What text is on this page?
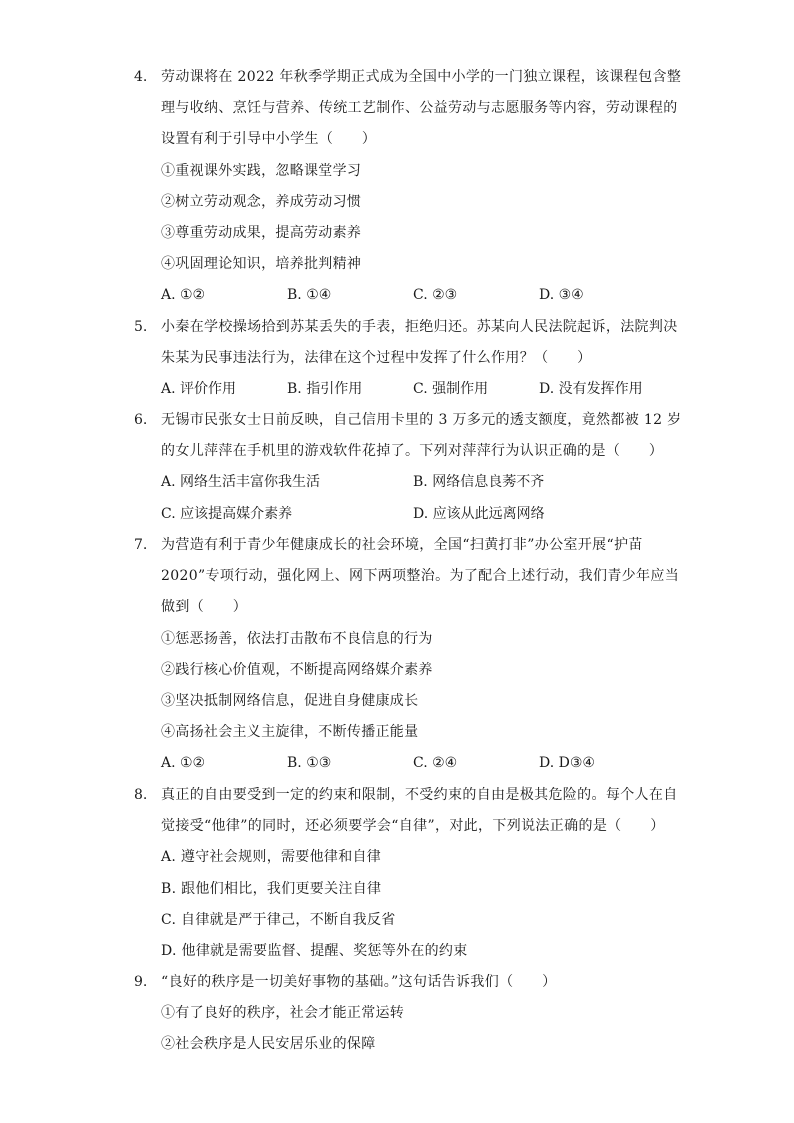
4. 劳动课将在 2022 年秋季学期正式成为全国中小学的一门独立课程，该课程包含整
理与收纳、烹饪与营养、传统工艺制作、公益劳动与志愿服务等内容，劳动课程的
设置有利于引导中小学生（　　）
①重视课外实践，忽略课堂学习
②树立劳动观念，养成劳动习惯
③尊重劳动成果，提高劳动素养
④巩固理论知识，培养批判精神
A. ①②	B. ①④	C. ②③	D. ③④
5. 小秦在学校操场拾到苏某丢失的手表，拒绝归还。苏某向人民法院起诉，法院判决
朱某为民事违法行为，法律在这个过程中发挥了什么作用？（　　）
A. 评价作用	B. 指引作用	C. 强制作用	D. 没有发挥作用
6. 无锡市民张女士日前反映，自己信用卡里的 3 万多元的透支额度，竟然都被 12 岁
的女儿萍萍在手机里的游戏软件花掉了。下列对萍萍行为认识正确的是（　　）
A. 网络生活丰富你我生活	B. 网络信息良莠不齐
C. 应该提高媒介素养	D. 应该从此远离网络
7. 为营造有利于青少年健康成长的社会环境，全国“扫黄打非”办公室开展“护苗
2020”专项行动，强化网上、网下两项整治。为了配合上述行动，我们青少年应当
做到（　　）
①惩恶扬善，依法打击散布不良信息的行为
②践行核心价值观，不断提高网络媒介素养
③坚决抵制网络信息，促进自身健康成长
④高扬社会主义主旋律，不断传播正能量
A. ①②	B. ①③	C. ②④	D. D③④
8. 真正的自由要受到一定的约束和限制，不受约束的自由是极其危险的。每个人在自
觉接受“他律”的同时，还必须要学会“自律”，对此，下列说法正确的是（　　）
A. 遵守社会规则，需要他律和自律
B. 跟他们相比，我们更要关注自律
C. 自律就是严于律己，不断自我反省
D. 他律就是需要监督、提醒、奖惩等外在的约束
9. “良好的秩序是一切美好事物的基础。”这句话告诉我们（　　）
①有了良好的秩序，社会才能正常运转
②社会秩序是人民安居乐业的保障
